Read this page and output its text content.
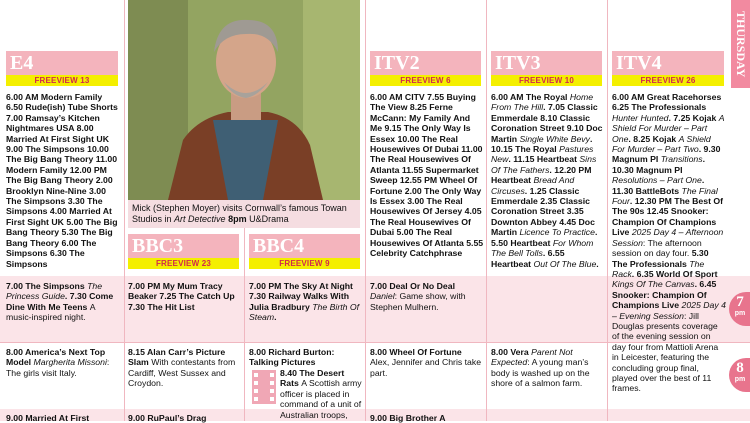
Mick (Stephen Moyer) visits Cornwall’s famous Towan Studios in Art Detective 8pm U&Drama
E4
FREEVIEW 13
BBC3
FREEVIEW 23
BBC4
FREEVIEW 9
ITV2
FREEVIEW 6
ITV3
FREEVIEW 10
ITV4
FREEVIEW 26
6.00 AM Modern Family 6.50 Rude(ish) Tube Shorts 7.00 Ramsay’s Kitchen Nightmares USA 8.00 Married At First Sight UK 9.00 The Simpsons 10.00 The Big Bang Theory 11.00 Modern Family 12.00 PM The Big Bang Theory 2.00 Brooklyn Nine-Nine 3.00 The Simpsons 3.30 The Simpsons 4.00 Married At First Sight UK 5.00 The Big Bang Theory 5.30 The Big Bang Theory 6.00 The Simpsons 6.30 The Simpsons
6.00 AM CITV 7.55 Buying The View 8.25 Ferne McCann: My Family And Me 9.15 The Only Way Is Essex 10.00 The Real Housewives Of Dubai 11.00 The Real Housewives Of Atlanta 11.55 Supermarket Sweep 12.55 PM Wheel Of Fortune 2.00 The Only Way Is Essex 3.00 The Real Housewives Of Jersey 4.05 The Real Housewives Of Dubai 5.00 The Real Housewives Of Atlanta 5.55 Celebrity Catchphrase
6.00 AM The Royal Home From The Hill. 7.05 Classic Emmerdale 8.10 Classic Coronation Street 9.10 Doc Martin Single White Bevy. 10.15 The Royal Pastures New. 11.15 Heartbeat Sins Of The Fathers. 12.20 PM Heartbeat Bread And Circuses. 1.25 Classic Emmerdale 2.35 Classic Coronation Street 3.35 Downton Abbey 4.45 Doc Martin Licence To Practice. 5.50 Heartbeat For Whom The Bell Tolls. 6.55 Heartbeat Out Of The Blue.
6.00 AM Great Racehorses 6.25 The Professionals Hunter Hunted. 7.25 Kojak A Shield For Murder – Part One. 8.25 Kojak A Shield For Murder – Part Two. 9.30 Magnum PI Transitions. 10.30 Magnum PI Resolutions – Part One. 11.30 BattleBots The Final Four. 12.30 PM The Best Of The 90s 12.45 Snooker: Champion Of Champions Live 2025 Day 4 – Afternoon Session: The afternoon session on day four. 5.30 The Professionals The Rack. 6.35 World Of Sport Kings Of The Canvas. 6.45 Snooker: Champion Of Champions Live 2025 Day 4 – Evening Session: Jill Douglas presents coverage of the evening session on day four from Mattioli Arena in Leicester, featuring the concluding group final, played over the best of 11 frames.
7.00 The Simpsons The Princess Guide. 7.30 Come Dine With Me Teens A music-inspired night.
7.00 PM My Mum Tracy Beaker 7.25 The Catch Up 7.30 The Hit List
7.00 PM The Sky At Night 7.30 Railway Walks With Julia Bradbury The Birth Of Steam.
7.00 Deal Or No Deal Daniel: Game show, with Stephen Mulhern.
8.00 America’s Next Top Model Margherita Missoni: The girls visit Italy.
8.15 Alan Carr’s Picture Slam With contestants from Cardiff, West Sussex and Croydon.
8.00 Richard Burton: Talking Pictures
8.40 The Desert Rats A Scottish army officer is placed in command of a unit of Australian troops,
8.00 Wheel Of Fortune Alex, Jennifer and Chris take part.
8.00 Vera Parent Not Expected: A young man’s body is washed up on the shore of a salmon farm.
9.00 Married At First	9.00 RuPaul’s Drag	9.00 Big Brother A
THURSDAY
7
pm
8
pm
